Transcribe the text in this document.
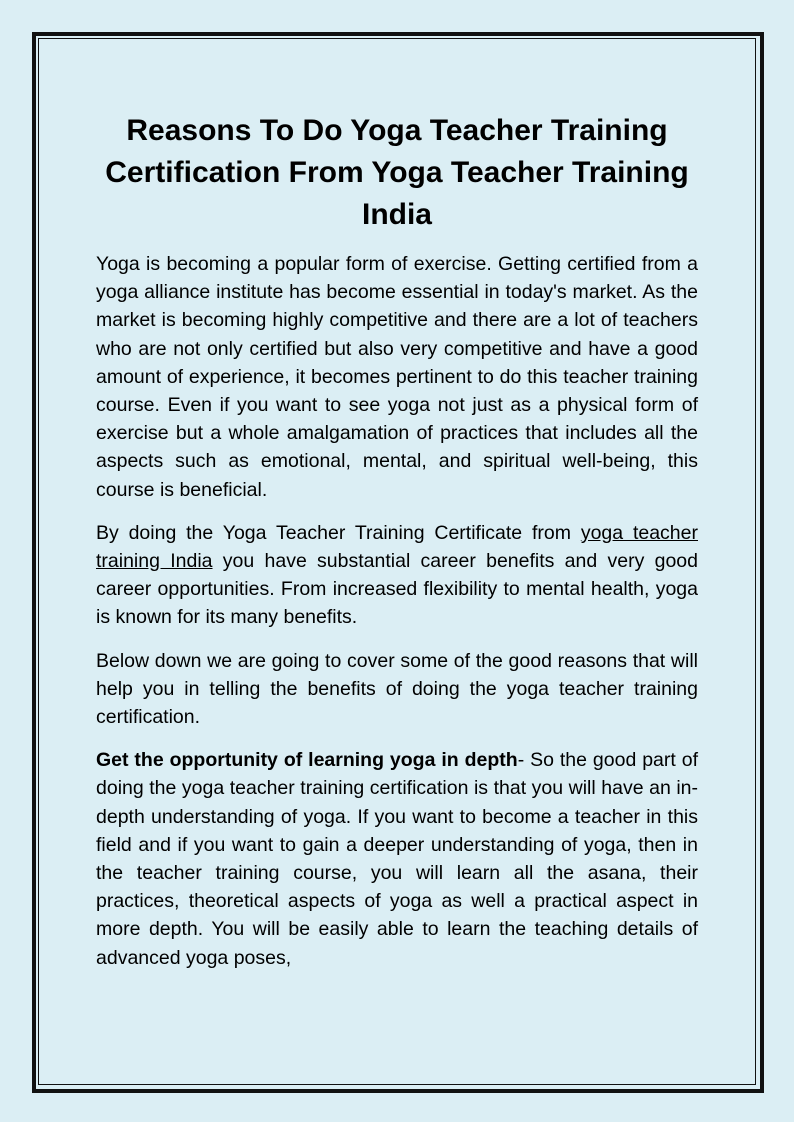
Reasons To Do Yoga Teacher Training Certification From Yoga Teacher Training India

Yoga is becoming a popular form of exercise. Getting certified from a yoga alliance institute has become essential in today's market. As the market is becoming highly competitive and there are a lot of teachers who are not only certified but also very competitive and have a good amount of experience, it becomes pertinent to do this teacher training course. Even if you want to see yoga not just as a physical form of exercise but a whole amalgamation of practices that includes all the aspects such as emotional, mental, and spiritual well-being, this course is beneficial.

By doing the Yoga Teacher Training Certificate from yoga teacher training India you have substantial career benefits and very good career opportunities. From increased flexibility to mental health, yoga is known for its many benefits.

Below down we are going to cover some of the good reasons that will help you in telling the benefits of doing the yoga teacher training certification.

Get the opportunity of learning yoga in depth- So the good part of doing the yoga teacher training certification is that you will have an in-depth understanding of yoga. If you want to become a teacher in this field and if you want to gain a deeper understanding of yoga, then in the teacher training course, you will learn all the asana, their practices, theoretical aspects of yoga as well a practical aspect in more depth. You will be easily able to learn the teaching details of advanced yoga poses,
